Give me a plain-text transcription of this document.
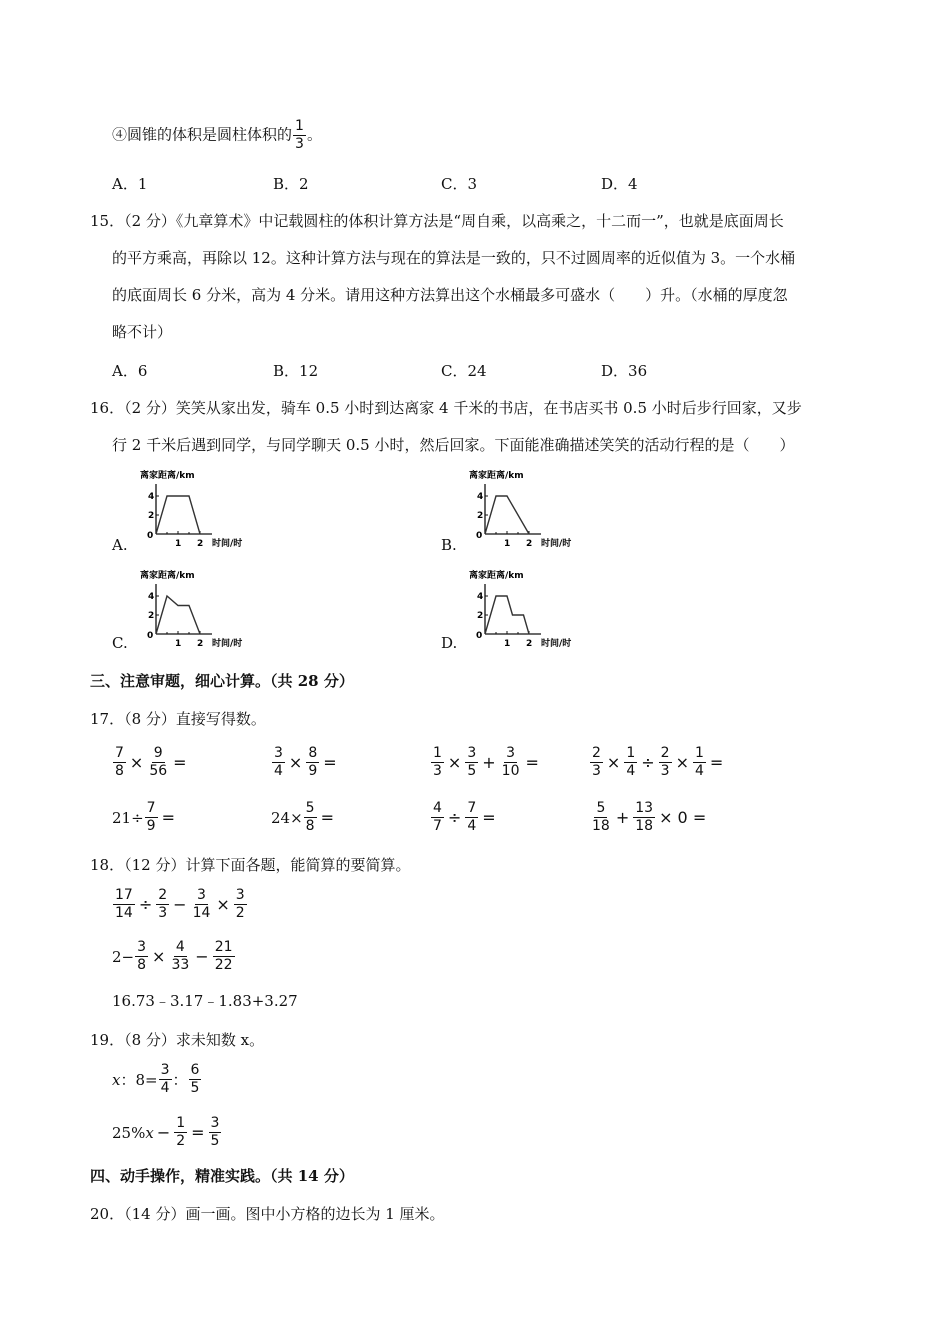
④圆锥的体积是圆柱体积的 $\frac{1}{3}$ 。
A．1	B．2	C．3	D．4
15．（2 分）《九章算术》中记载圆柱的体积计算方法是“周自乘，以高乘之，十二而一”，也就是底面周长
的平方乘高，再除以 12。这种计算方法与现在的算法是一致的，只不过圆周率的近似值为 3。一个水桶
的底面周长 6 分米，高为 4 分米。请用这种方法算出这个水桶最多可盛水（　　）升。（水桶的厚度忽
略不计）
A．6	B．12	C．24	D．36
16．（2 分）笑笑从家出发，骑车 0.5 小时到达离家 4 千米的书店，在书店买书 0.5 小时后步行回家，又步
行 2 千米后遇到同学，与同学聊天 0.5 小时，然后回家。下面能准确描述笑笑的活动行程的是（　　）
A.	B.
C.	D.
离家距离/km
时间/时
0
4
2
1 2
离家距离/km
时间/时
0
4
2
1 2
离家距离/km
时间/时
0
4
2
1 2
离家距离/km
时间/时
0
4
2
1 2
三、注意审题，细心计算。（共 28 分）
17．（8 分）直接写得数。
$\frac{7}{8} \times \frac{9}{56}$ =	$\frac{3}{4} \times \frac{8}{9}$ =	$\frac{1}{3} \times \frac{3}{5} + \frac{3}{10}$ =	$\frac{2}{3} \times \frac{1}{4} \div \frac{2}{3} \times \frac{1}{4}$ =
$21\div \frac{7}{9}$ =	$24\times \frac{5}{8}$ =	$\frac{4}{7} \div \frac{7}{4}$ =	$\frac{5}{18} + \frac{13}{18} \times 0$ =
18．（12 分）计算下面各题，能简算的要简算。
$\frac{17}{14} \div \frac{2}{3} - \frac{3}{14} \times \frac{3}{2}$
$2- \frac{3}{8} \times \frac{4}{33} - \frac{21}{22}$
16.73﹣3.17﹣1.83+3.27
19．（8 分）求未知数 x。
x ：$8= \frac{3}{4}$ ： $\frac{6}{5}$
25% $x - \frac{1}{2} = \frac{3}{5}$
四、动手操作，精准实践。（共 14 分）
20．（14 分）画一画。图中小方格的边长为 1 厘米。
